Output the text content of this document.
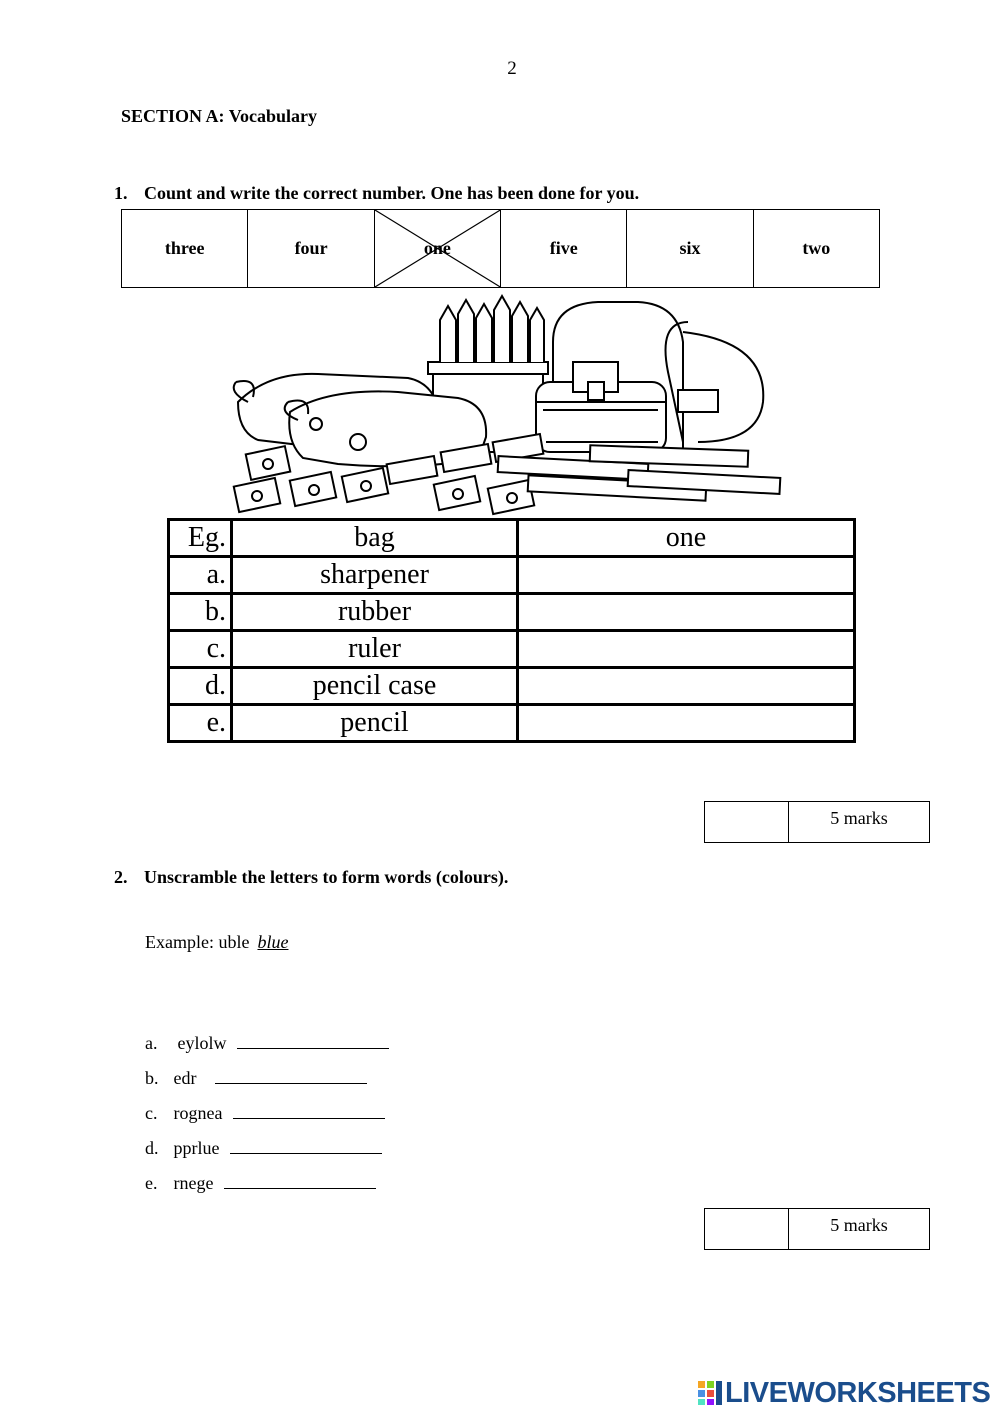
2
SECTION A: Vocabulary
1. Count and write the correct number. One has been done for you.
three	four	one	five	six	two
Eg.	bag	one
a.	sharpener	
b.	rubber	
c.	ruler	
d.	pencil case	
e.	pencil	
	5 marks
2. Unscramble the letters to form words (colours).
Example: uble blue
a. eylolw
b. edr
c. rognea
d. pprlue
e. rnege
	5 marks
LIVEWORKSHEETS
